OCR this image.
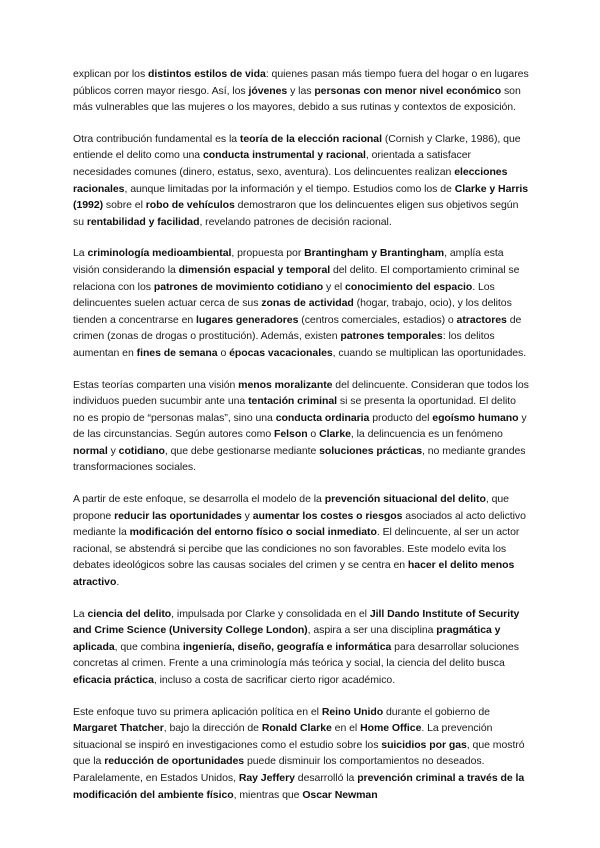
explican por los distintos estilos de vida: quienes pasan más tiempo fuera del hogar o en lugares públicos corren mayor riesgo. Así, los jóvenes y las personas con menor nivel económico son más vulnerables que las mujeres o los mayores, debido a sus rutinas y contextos de exposición.

Otra contribución fundamental es la teoría de la elección racional (Cornish y Clarke, 1986), que entiende el delito como una conducta instrumental y racional, orientada a satisfacer necesidades comunes (dinero, estatus, sexo, aventura). Los delincuentes realizan elecciones racionales, aunque limitadas por la información y el tiempo. Estudios como los de Clarke y Harris (1992) sobre el robo de vehículos demostraron que los delincuentes eligen sus objetivos según su rentabilidad y facilidad, revelando patrones de decisión racional.

La criminología medioambiental, propuesta por Brantingham y Brantingham, amplía esta visión considerando la dimensión espacial y temporal del delito. El comportamiento criminal se relaciona con los patrones de movimiento cotidiano y el conocimiento del espacio. Los delincuentes suelen actuar cerca de sus zonas de actividad (hogar, trabajo, ocio), y los delitos tienden a concentrarse en lugares generadores (centros comerciales, estadios) o atractores de crimen (zonas de drogas o prostitución). Además, existen patrones temporales: los delitos aumentan en fines de semana o épocas vacacionales, cuando se multiplican las oportunidades.

Estas teorías comparten una visión menos moralizante del delincuente. Consideran que todos los individuos pueden sucumbir ante una tentación criminal si se presenta la oportunidad. El delito no es propio de “personas malas”, sino una conducta ordinaria producto del egoísmo humano y de las circunstancias. Según autores como Felson o Clarke, la delincuencia es un fenómeno normal y cotidiano, que debe gestionarse mediante soluciones prácticas, no mediante grandes transformaciones sociales.

A partir de este enfoque, se desarrolla el modelo de la prevención situacional del delito, que propone reducir las oportunidades y aumentar los costes o riesgos asociados al acto delictivo mediante la modificación del entorno físico o social inmediato. El delincuente, al ser un actor racional, se abstendrá si percibe que las condiciones no son favorables. Este modelo evita los debates ideológicos sobre las causas sociales del crimen y se centra en hacer el delito menos atractivo.

La ciencia del delito, impulsada por Clarke y consolidada en el Jill Dando Institute of Security and Crime Science (University College London), aspira a ser una disciplina pragmática y aplicada, que combina ingeniería, diseño, geografía e informática para desarrollar soluciones concretas al crimen. Frente a una criminología más teórica y social, la ciencia del delito busca eficacia práctica, incluso a costa de sacrificar cierto rigor académico.

Este enfoque tuvo su primera aplicación política en el Reino Unido durante el gobierno de Margaret Thatcher, bajo la dirección de Ronald Clarke en el Home Office. La prevención situacional se inspiró en investigaciones como el estudio sobre los suicidios por gas, que mostró que la reducción de oportunidades puede disminuir los comportamientos no deseados. Paralelamente, en Estados Unidos, Ray Jeffery desarrolló la prevención criminal a través de la modificación del ambiente físico, mientras que Oscar Newman
